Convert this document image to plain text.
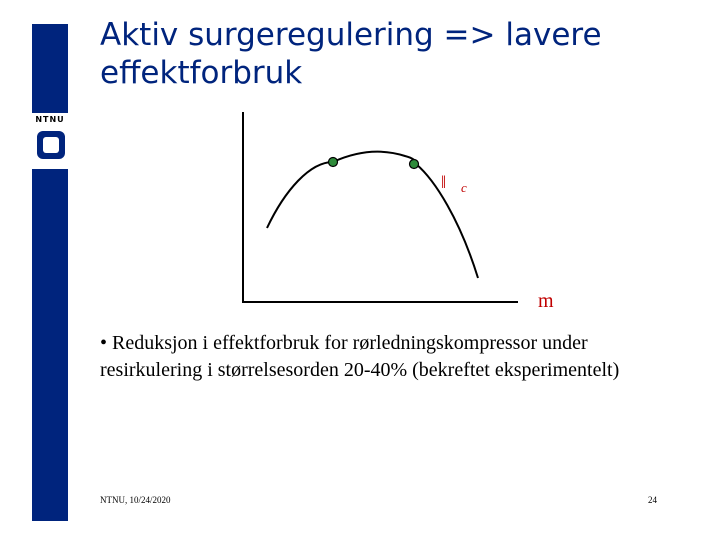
NTNU
Aktiv surgeregulering => lavere
effektforbruk
‖ c
m
• Reduksjon i effektforbruk for rørledningskompressor under
resirkulering i størrelsesorden 20-40% (bekreftet eksperimentelt)
NTNU, 10/24/2020	24
